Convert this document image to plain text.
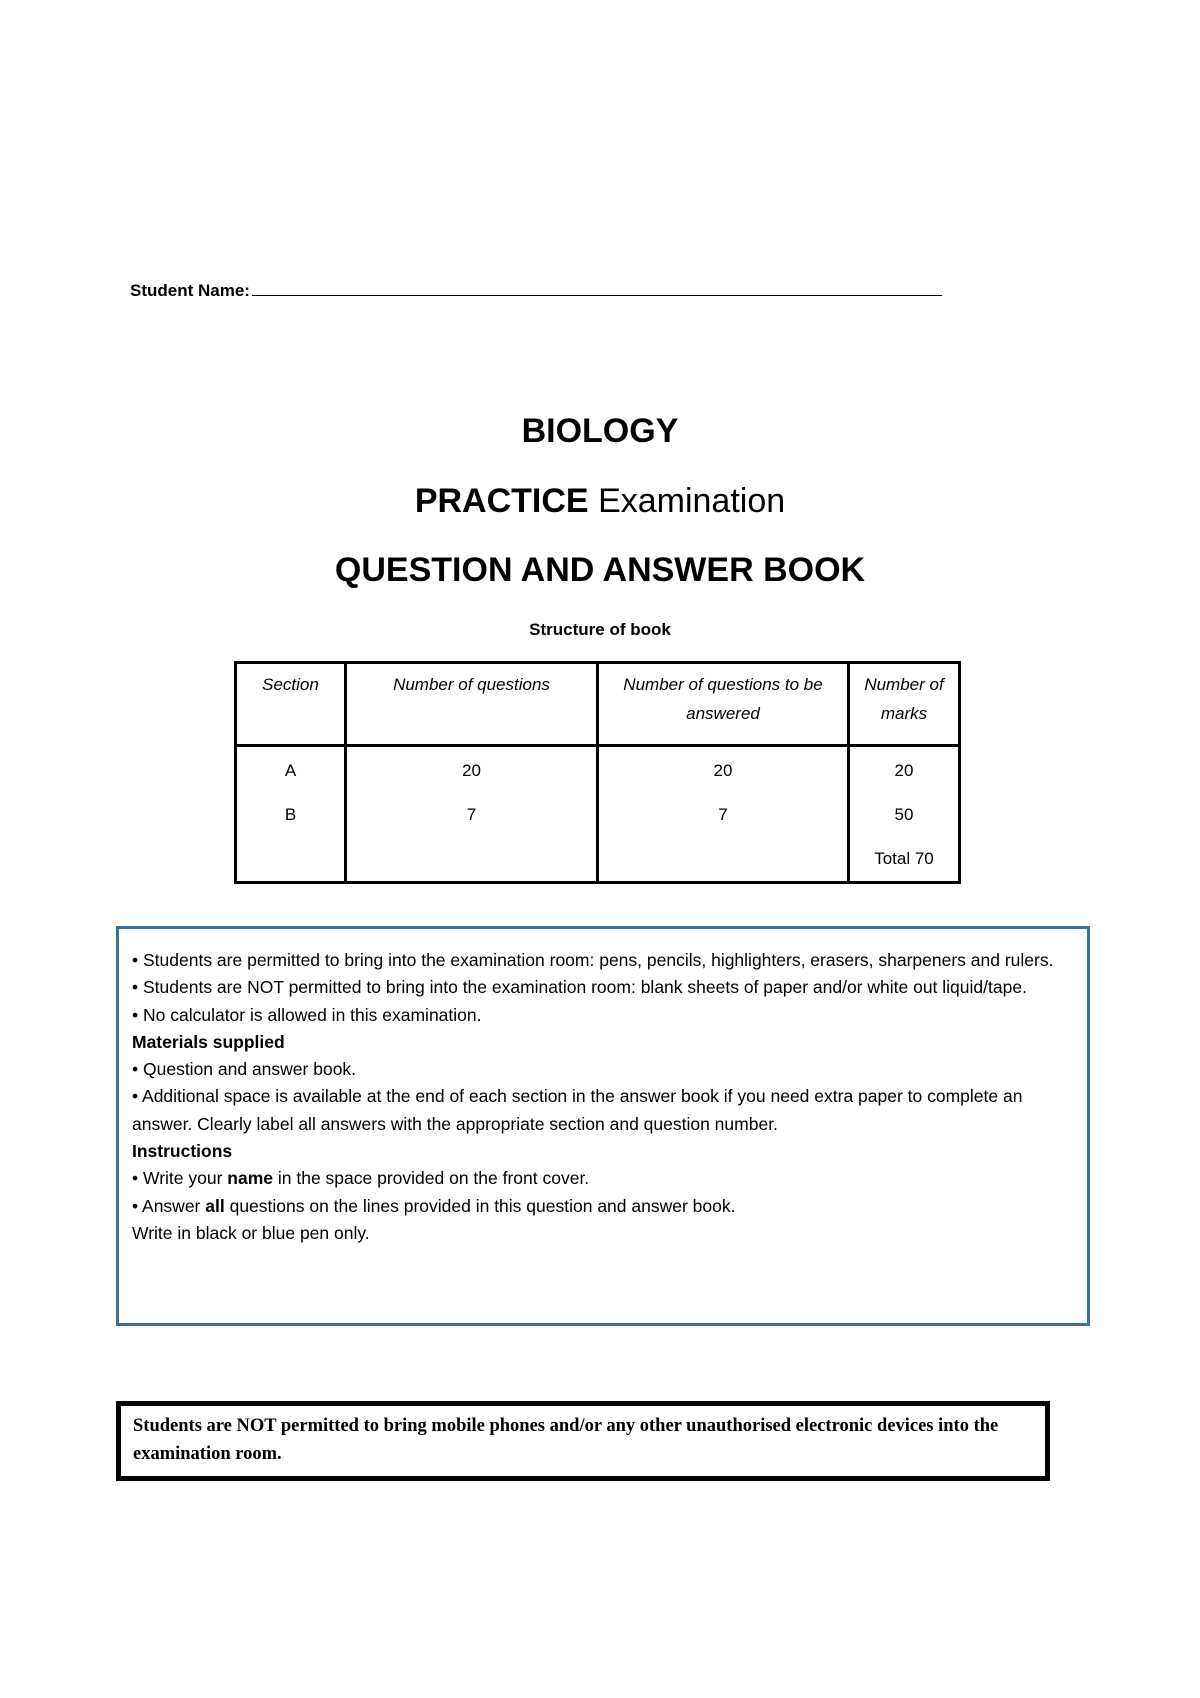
Student Name:
BIOLOGY
PRACTICE Examination
QUESTION AND ANSWER BOOK
Structure of book
Section	Number of questions	Number of questions to be answered	Number of marks
A	20	20	20
B	7	7	50
			Total 70

• Students are permitted to bring into the examination room: pens, pencils, highlighters, erasers, sharpeners and rulers.

• Students are NOT permitted to bring into the examination room: blank sheets of paper and/or white out liquid/tape.

• No calculator is allowed in this examination.

Materials supplied

• Question and answer book.

• Additional space is available at the end of each section in the answer book if you need extra paper to complete an answer. Clearly label all answers with the appropriate section and question number.

Instructions

• Write your name in the space provided on the front cover.

• Answer all questions on the lines provided in this question and answer book.

Write in black or blue pen only.

Students are NOT permitted to bring mobile phones and/or any other unauthorised electronic devices into the examination room.
